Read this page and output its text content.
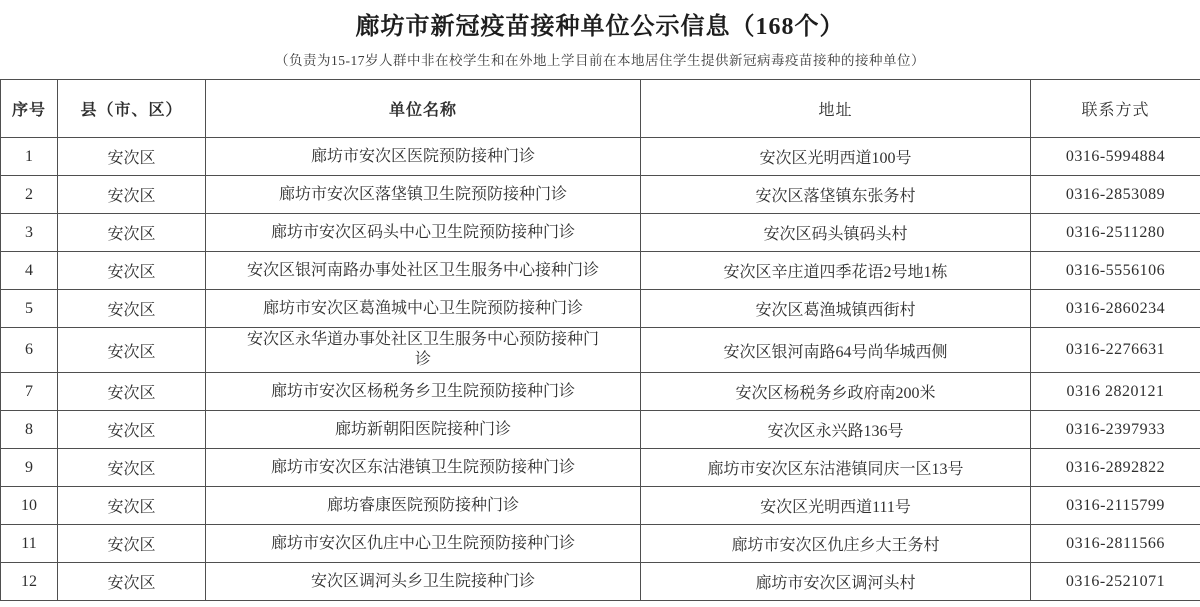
廊坊市新冠疫苗接种单位公示信息（168个）
（负责为15-17岁人群中非在校学生和在外地上学目前在本地居住学生提供新冠病毒疫苗接种的接种单位）
序号	县（市、区）	单位名称	地址	联系方式
1	安次区	廊坊市安次区医院预防接种门诊	安次区光明西道100号	0316-5994884
2	安次区	廊坊市安次区落垡镇卫生院预防接种门诊	安次区落垡镇东张务村	0316-2853089
3	安次区	廊坊市安次区码头中心卫生院预防接种门诊	安次区码头镇码头村	0316-2511280
4	安次区	安次区银河南路办事处社区卫生服务中心接种门诊	安次区辛庄道四季花语2号地1栋	0316-5556106
5	安次区	廊坊市安次区葛渔城中心卫生院预防接种门诊	安次区葛渔城镇西街村	0316-2860234
6	安次区	安次区永华道办事处社区卫生服务中心预防接种门诊	安次区银河南路64号尚华城西侧	0316-2276631
7	安次区	廊坊市安次区杨税务乡卫生院预防接种门诊	安次区杨税务乡政府南200米	0316 2820121
8	安次区	廊坊新朝阳医院接种门诊	安次区永兴路136号	0316-2397933
9	安次区	廊坊市安次区东沽港镇卫生院预防接种门诊	廊坊市安次区东沽港镇同庆一区13号	0316-2892822
10	安次区	廊坊睿康医院预防接种门诊	安次区光明西道111号	0316-2115799
11	安次区	廊坊市安次区仇庄中心卫生院预防接种门诊	廊坊市安次区仇庄乡大王务村	0316-2811566
12	安次区	安次区调河头乡卫生院接种门诊	廊坊市安次区调河头村	0316-2521071
